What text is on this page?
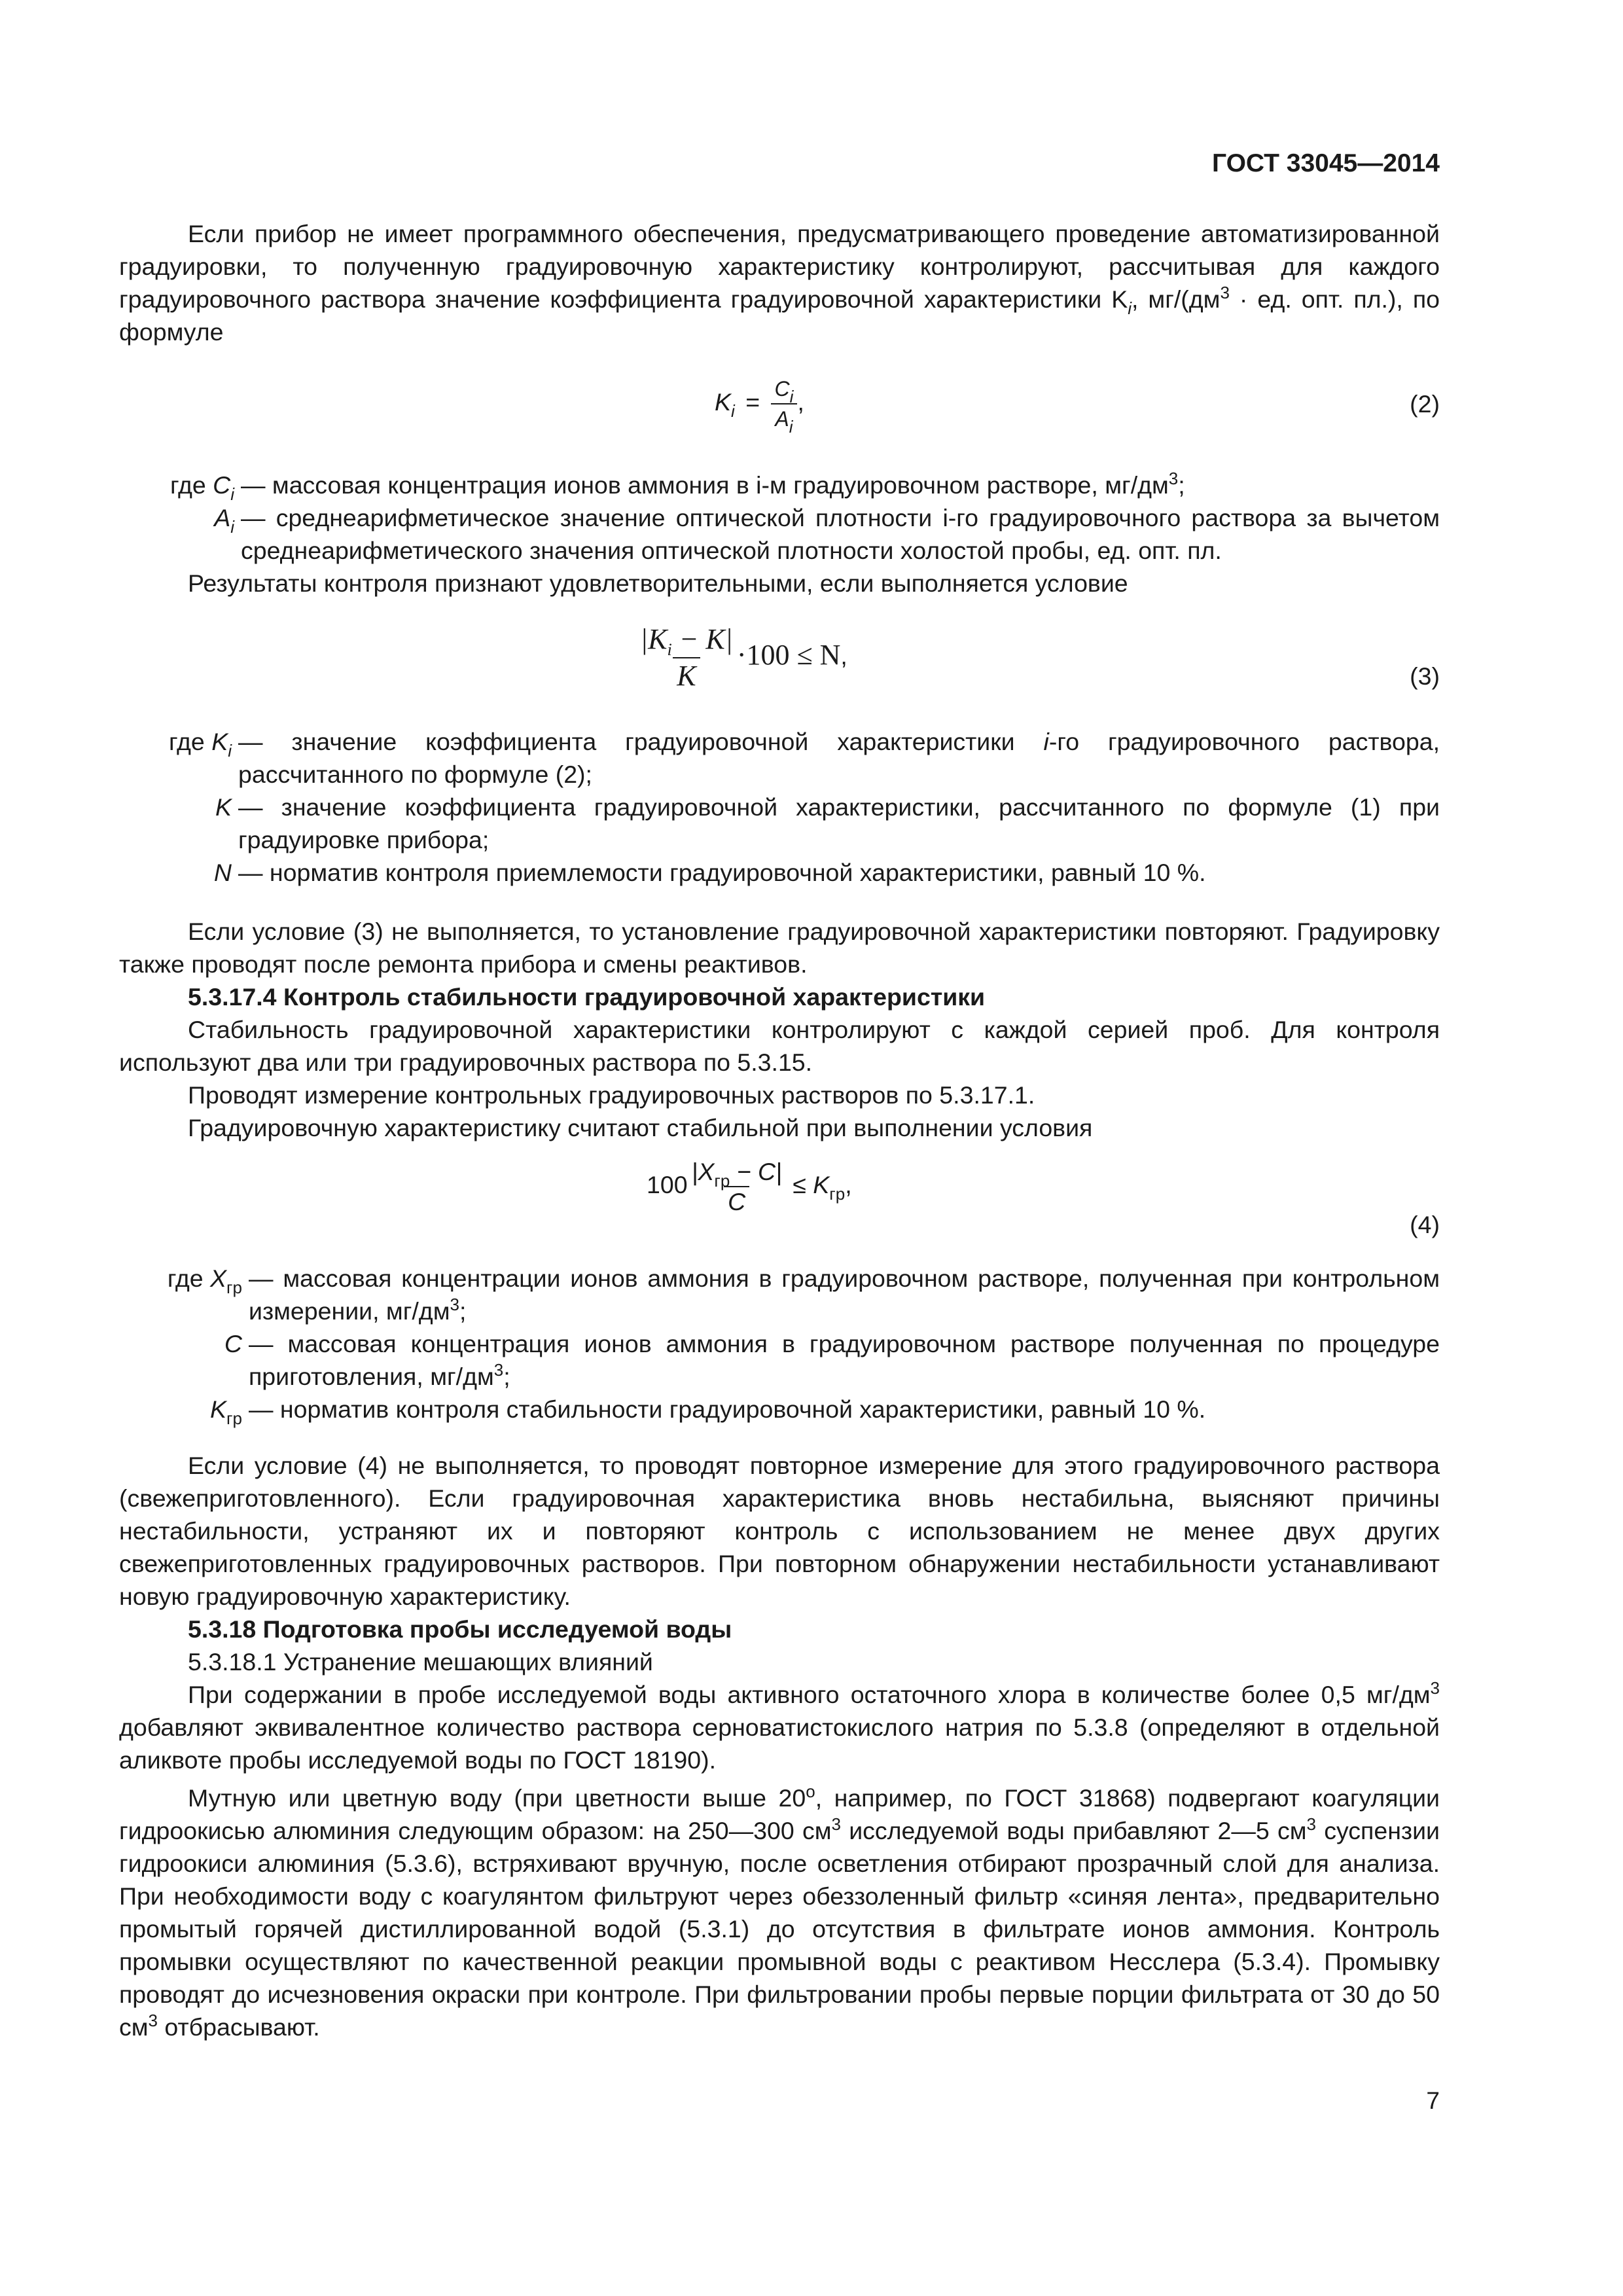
ГОСТ 33045—2014

Если прибор не имеет программного обеспечения, предусматривающего проведение автоматизированной градуировки, то полученную градуировочную характеристику контролируют, рассчитывая для каждого градуировочного раствора значение коэффициента градуировочной характеристики $K_i$, $мг/(дм^3$ · ед. опт. пл.), по формуле

$K_i = \frac{C_i}{A_i}$ ,	(2)
где $C_i$ — массовая концентрация ионов аммония в i-м градуировочном растворе, $мг/дм^3$;
$A_i$ — среднеарифметическое значение оптической плотности i-го градуировочного раствора за вычетом среднеарифметического значения оптической плотности холостой пробы, ед. опт. пл.

Результаты контроля признают удовлетворительными, если выполняется условие

$\frac{|K_i - K|}{K} \cdot 100 \le N$,
(3)
где $K_i$ — значение коэффициента градуировочной характеристики i-го градуировочного раствора, рассчитанного по формуле (2);
K — значение коэффициента градуировочной характеристики, рассчитанного по формуле (1) при градуировке прибора;
N — норматив контроля приемлемости градуировочной характеристики, равный 10 %.

Если условие (3) не выполняется, то установление градуировочной характеристики повторяют. Градуировку также проводят после ремонта прибора и смены реактивов.

5.3.17.4 Контроль стабильности градуировочной характеристики

Стабильность градуировочной характеристики контролируют с каждой серией проб. Для контроля используют два или три градуировочных раствора по 5.3.15.

Проводят измерение контрольных градуировочных растворов по 5.3.17.1.

Градуировочную характеристику считают стабильной при выполнении условия

$100 \frac{|X_{гр} - C|}{C} \le K_{гр}$,
(4)
где $X_{гр}$ — массовая концентрации ионов аммония в градуировочном растворе, полученная при контрольном измерении, $мг/дм^3$;
C — массовая концентрация ионов аммония в градуировочном растворе полученная по процедуре приготовления, $мг/дм^3$;
$K_{гр}$ — норматив контроля стабильности градуировочной характеристики, равный 10 %.

Если условие (4) не выполняется, то проводят повторное измерение для этого градуировочного раствора (свежеприготовленного). Если градуировочная характеристика вновь нестабильна, выясняют причины нестабильности, устраняют их и повторяют контроль с использованием не менее двух других свежеприготовленных градуировочных растворов. При повторном обнаружении нестабильности устанавливают новую градуировочную характеристику.

5.3.18 Подготовка пробы исследуемой воды

5.3.18.1 Устранение мешающих влияний

При содержании в пробе исследуемой воды активного остаточного хлора в количестве более 0,5 $мг/дм^3$ добавляют эквивалентное количество раствора серноватистокислого натрия по 5.3.8 (определяют в отдельной аликвоте пробы исследуемой воды по ГОСТ 18190).

Мутную или цветную воду (при цветности выше 20$^o$, например, по ГОСТ 31868) подвергают коагуляции гидроокисью алюминия следующим образом: на 250—300 $см^3$ исследуемой воды прибавляют 2—5 $см^3$ суспензии гидроокиси алюминия (5.3.6), встряхивают вручную, после осветления отбирают прозрачный слой для анализа. При необходимости воду с коагулянтом фильтруют через обеззоленный фильтр «синяя лента», предварительно промытый горячей дистиллированной водой (5.3.1) до отсутствия в фильтрате ионов аммония. Контроль промывки осуществляют по качественной реакции промывной воды с реактивом Несслера (5.3.4). Промывку проводят до исчезновения окраски при контроле. При фильтровании пробы первые порции фильтрата от 30 до 50 $см^3$ отбрасывают.

7
